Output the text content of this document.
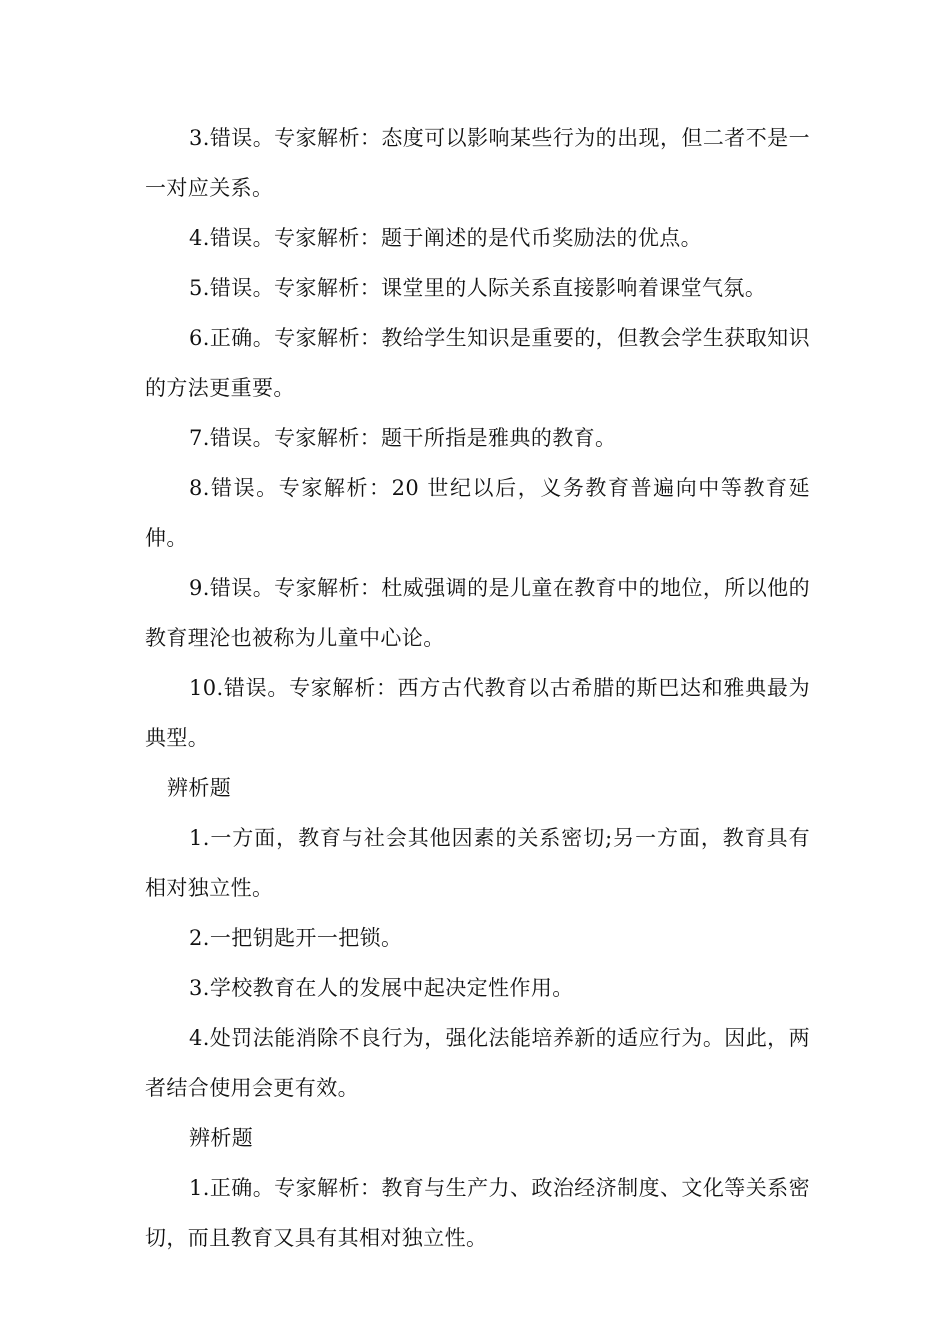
3.错误。专家解析：态度可以影响某些行为的出现，但二者不是一一对应关系。

4.错误。专家解析：题于阐述的是代币奖励法的优点。

5.错误。专家解析：课堂里的人际关系直接影响着课堂气氛。

6.正确。专家解析：教给学生知识是重要的，但教会学生获取知识的方法更重要。

7.错误。专家解析：题干所指是雅典的教育。

8.错误。专家解析：20 世纪以后，义务教育普遍向中等教育延伸。

9.错误。专家解析：杜威强调的是儿童在教育中的地位，所以他的教育理沦也被称为儿童中心论。

10.错误。专家解析：西方古代教育以古希腊的斯巴达和雅典最为典型。

辨析题

1.一方面，教育与社会其他因素的关系密切;另一方面，教育具有相对独立性。

2.一把钥匙开一把锁。

3.学校教育在人的发展中起决定性作用。

4.处罚法能消除不良行为，强化法能培养新的适应行为。因此，两者结合使用会更有效。

辨析题

1.正确。专家解析：教育与生产力、政治经济制度、文化等关系密切，而且教育又具有其相对独立性。
